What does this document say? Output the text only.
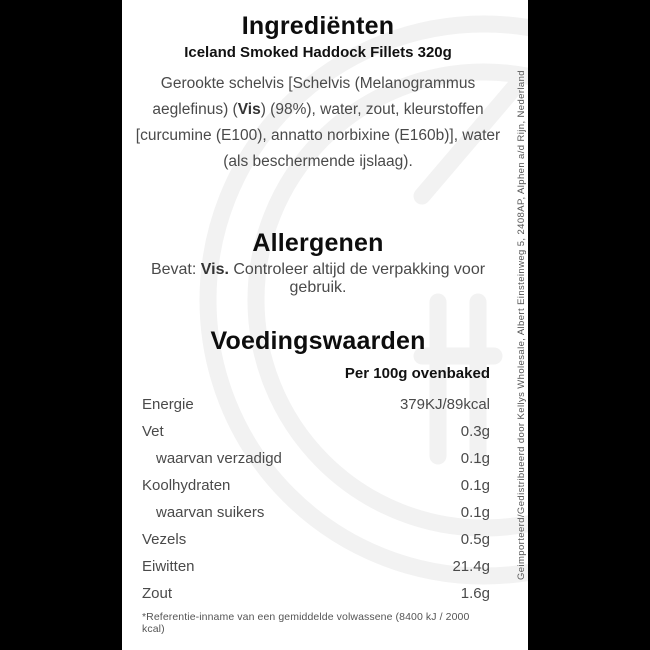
Ingrediënten
Iceland Smoked Haddock Fillets 320g

Gerookte schelvis [Schelvis (Melanogrammus aeglefinus) (Vis) (98%), water, zout, kleurstoffen [curcumine (E100), annatto norbixine (E160b)], water (als beschermende ijslaag).

Allergenen

Bevat: Vis. Controleer altijd de verpakking voor gebruik.

Voedingswaarden
Per 100g ovenbaked
Energie	379KJ/89kcal
Vet	0.3g
waarvan verzadigd	0.1g
Koolhydraten	0.1g
waarvan suikers	0.1g
Vezels	0.5g
Eiwitten	21.4g
Zout	1.6g
*Referentie-inname van een gemiddelde volwassene (8400 kJ / 2000 kcal)
Geimporteerd/Gedistribueerd door Kellys Wholesale, Albert Einsteinweg 5, 2408AP, Alphen a/d Rijn, Nederland
